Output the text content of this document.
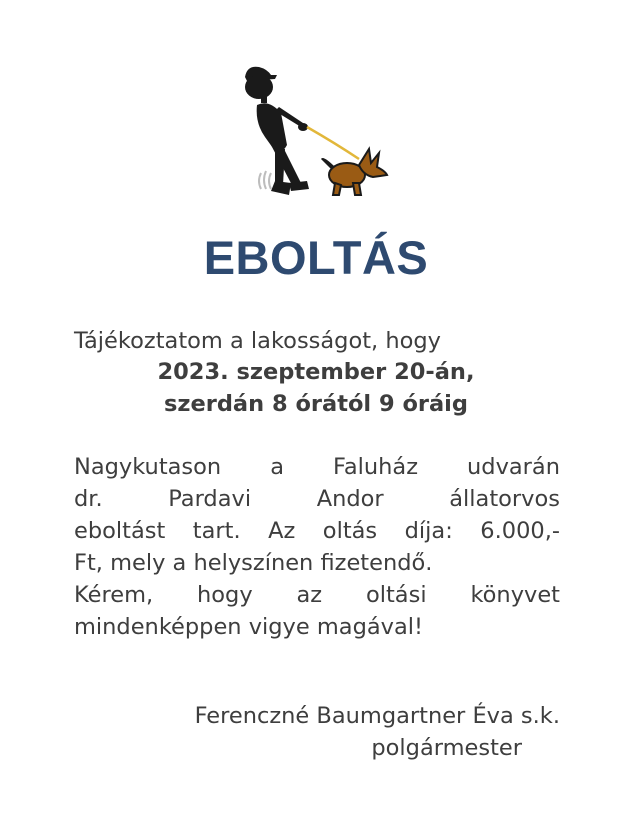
EBOLTÁS
Tájékoztatom a lakosságot, hogy
2023. szeptember 20-án,
szerdán 8 órától 9 óráig
Nagykutason a Faluház udvarán
dr.	Pardavi	Andor	állatorvos
eboltást tart. Az oltás díja: 6.000,-
Ft, mely a helyszínen fizetendő.
Kérem, hogy az oltási könyvet
mindenképpen vigye magával!
Ferenczné Baumgartner Éva s.k.
polgármester
